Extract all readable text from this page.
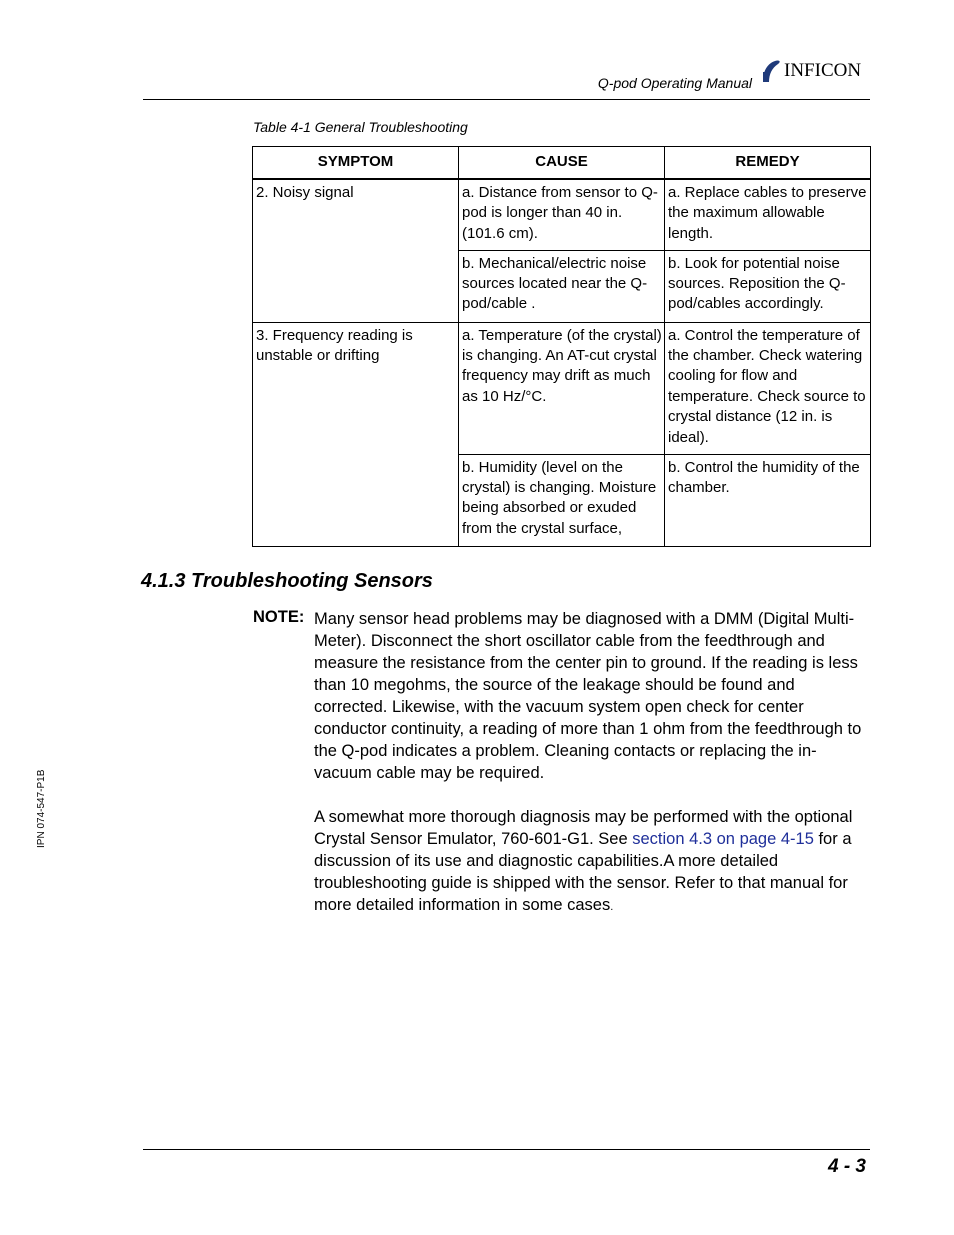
Q-pod Operating Manual
INFICON
Table 4-1 General Troubleshooting
SYMPTOM	CAUSE	REMEDY
2. Noisy signal	a. Distance from sensor to Q-pod is longer than 40 in. (101.6 cm).	a. Replace cables to preserve the maximum allowable length.
	b. Mechanical/electric noise sources located near the Q-pod/cable .	b. Look for potential noise sources. Reposition the Q-pod/cables accordingly.
3. Frequency reading is unstable or drifting	a. Temperature (of the crystal) is changing. An AT-cut crystal frequency may drift as much as 10 Hz/°C.	a. Control the temperature of the chamber. Check watering cooling for flow and temperature. Check source to crystal distance (12 in. is ideal).
	b. Humidity (level on the crystal) is changing. Moisture being absorbed or exuded from the crystal surface,	b. Control the humidity of the chamber.
4.1.3 Troubleshooting Sensors
NOTE: Many sensor head problems may be diagnosed with a DMM (Digital Multi-Meter). Disconnect the short oscillator cable from the feedthrough and measure the resistance from the center pin to ground. If the reading is less than 10 megohms, the source of the leakage should be found and corrected. Likewise, with the vacuum system open check for center conductor continuity, a reading of more than 1 ohm from the feedthrough to the Q-pod indicates a problem. Cleaning contacts or replacing the in-vacuum cable may be required.

A somewhat more thorough diagnosis may be performed with the optional Crystal Sensor Emulator, 760-601-G1. See section 4.3 on page 4-15 for a discussion of its use and diagnostic capabilities.A more detailed troubleshooting guide is shipped with the sensor. Refer to that manual for more detailed information in some cases.

IPN 074-547-P1B
4 - 3
